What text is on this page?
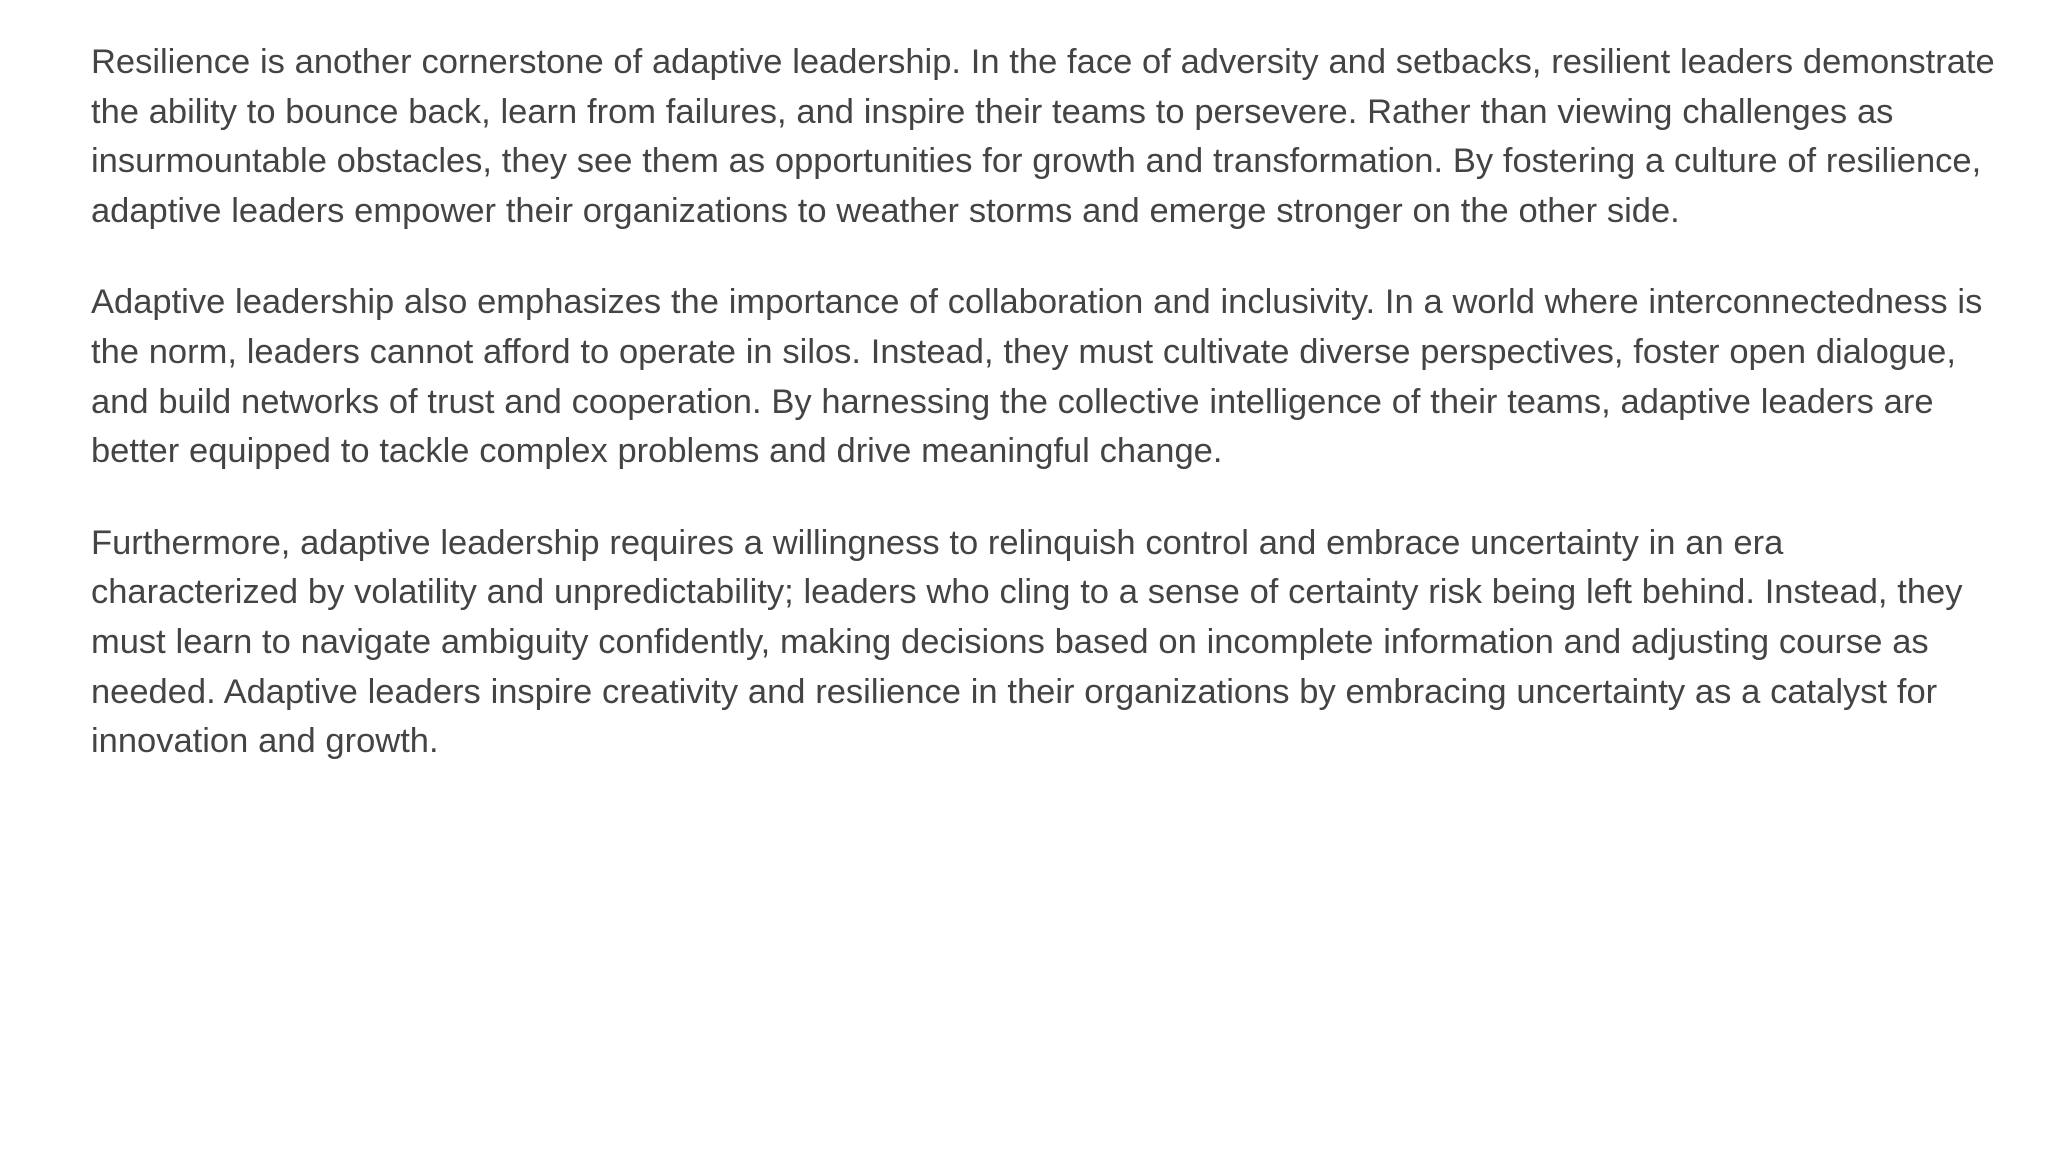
Resilience is another cornerstone of adaptive leadership. In the face of adversity and setbacks, resilient leaders demonstrate the ability to bounce back, learn from failures, and inspire their teams to persevere. Rather than viewing challenges as insurmountable obstacles, they see them as opportunities for growth and transformation. By fostering a culture of resilience, adaptive leaders empower their organizations to weather storms and emerge stronger on the other side.

Adaptive leadership also emphasizes the importance of collaboration and inclusivity. In a world where interconnectedness is the norm, leaders cannot afford to operate in silos. Instead, they must cultivate diverse perspectives, foster open dialogue, and build networks of trust and cooperation. By harnessing the collective intelligence of their teams, adaptive leaders are better equipped to tackle complex problems and drive meaningful change.

Furthermore, adaptive leadership requires a willingness to relinquish control and embrace uncertainty in an era characterized by volatility and unpredictability; leaders who cling to a sense of certainty risk being left behind. Instead, they must learn to navigate ambiguity confidently, making decisions based on incomplete information and adjusting course as needed. Adaptive leaders inspire creativity and resilience in their organizations by embracing uncertainty as a catalyst for innovation and growth.
